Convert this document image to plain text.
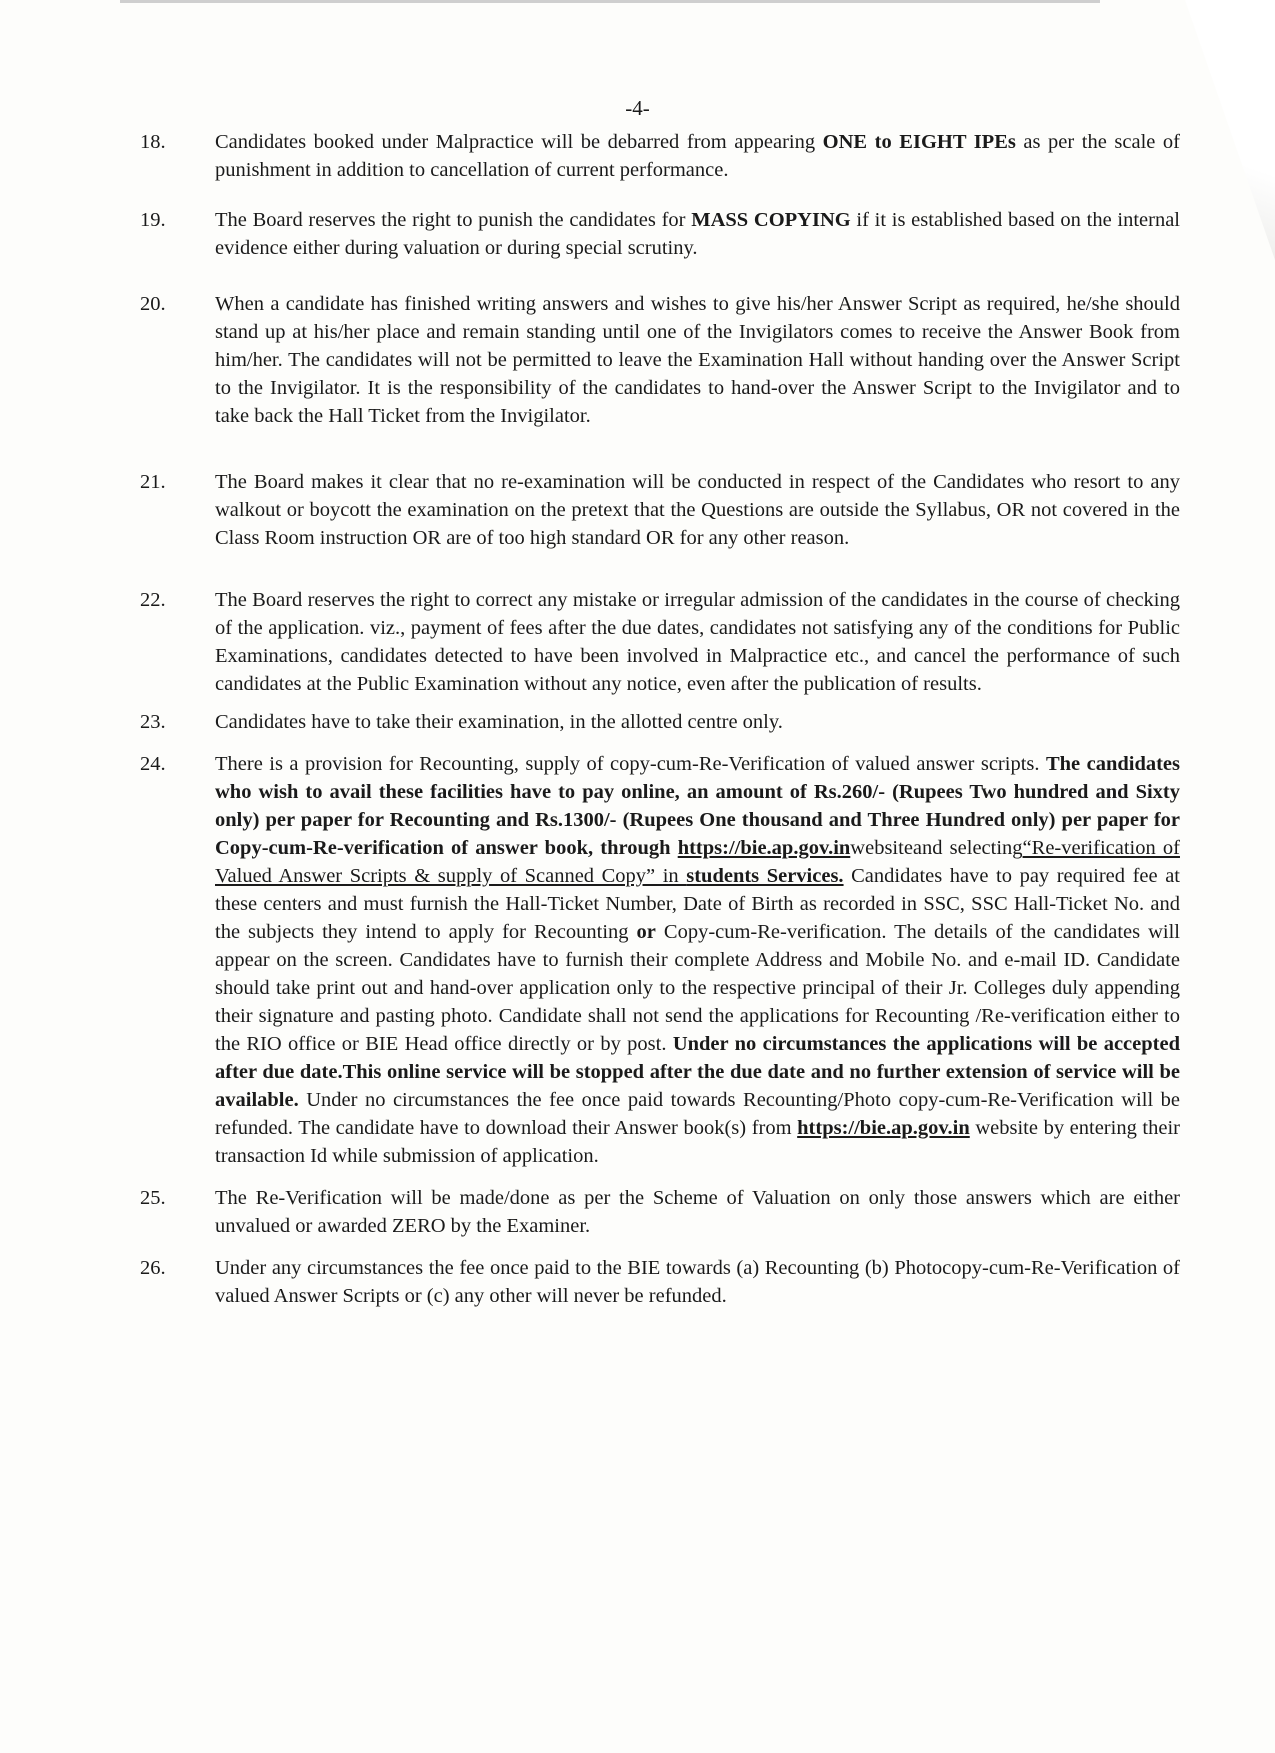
-4-
18.	Candidates booked under Malpractice will be debarred from appearing ONE to EIGHT IPEs as per the scale of punishment in addition to cancellation of current performance.
19.	The Board reserves the right to punish the candidates for MASS COPYING if it is established based on the internal evidence either during valuation or during special scrutiny.
20.	When a candidate has finished writing answers and wishes to give his/her Answer Script as required, he/she should stand up at his/her place and remain standing until one of the Invigilators comes to receive the Answer Book from him/her. The candidates will not be permitted to leave the Examination Hall without handing over the Answer Script to the Invigilator. It is the responsibility of the candidates to hand-over the Answer Script to the Invigilator and to take back the Hall Ticket from the Invigilator.
21.	The Board makes it clear that no re-examination will be conducted in respect of the Candidates who resort to any walkout or boycott the examination on the pretext that the Questions are outside the Syllabus, OR not covered in the Class Room instruction OR are of too high standard OR for any other reason.
22.	The Board reserves the right to correct any mistake or irregular admission of the candidates in the course of checking of the application. viz., payment of fees after the due dates, candidates not satisfying any of the conditions for Public Examinations, candidates detected to have been involved in Malpractice etc., and cancel the performance of such candidates at the Public Examination without any notice, even after the publication of results.
23.	Candidates have to take their examination, in the allotted centre only.
24.	There is a provision for Recounting, supply of copy-cum-Re-Verification of valued answer scripts. The candidates who wish to avail these facilities have to pay online, an amount of Rs.260/- (Rupees Two hundred and Sixty only) per paper for Recounting and Rs.1300/- (Rupees One thousand and Three Hundred only) per paper for Copy-cum-Re-verification of answer book, through https://bie.ap.gov.inwebsiteand selecting“Re-verification of Valued Answer Scripts & supply of Scanned Copy” in students Services. Candidates have to pay required fee at these centers and must furnish the Hall-Ticket Number, Date of Birth as recorded in SSC, SSC Hall-Ticket No. and the subjects they intend to apply for Recounting or Copy-cum-Re-verification. The details of the candidates will appear on the screen. Candidates have to furnish their complete Address and Mobile No. and e-mail ID. Candidate should take print out and hand-over application only to the respective principal of their Jr. Colleges duly appending their signature and pasting photo. Candidate shall not send the applications for Recounting /Re-verification either to the RIO office or BIE Head office directly or by post. Under no circumstances the applications will be accepted after due date.This online service will be stopped after the due date and no further extension of service will be available. Under no circumstances the fee once paid towards Recounting/Photo copy-cum-Re-Verification will be refunded. The candidate have to download their Answer book(s) from https://bie.ap.gov.in website by entering their transaction Id while submission of application.
25.	The Re-Verification will be made/done as per the Scheme of Valuation on only those answers which are either unvalued or awarded ZERO by the Examiner.
26.	Under any circumstances the fee once paid to the BIE towards (a) Recounting (b) Photocopy-cum-Re-Verification of valued Answer Scripts or (c) any other will never be refunded.
